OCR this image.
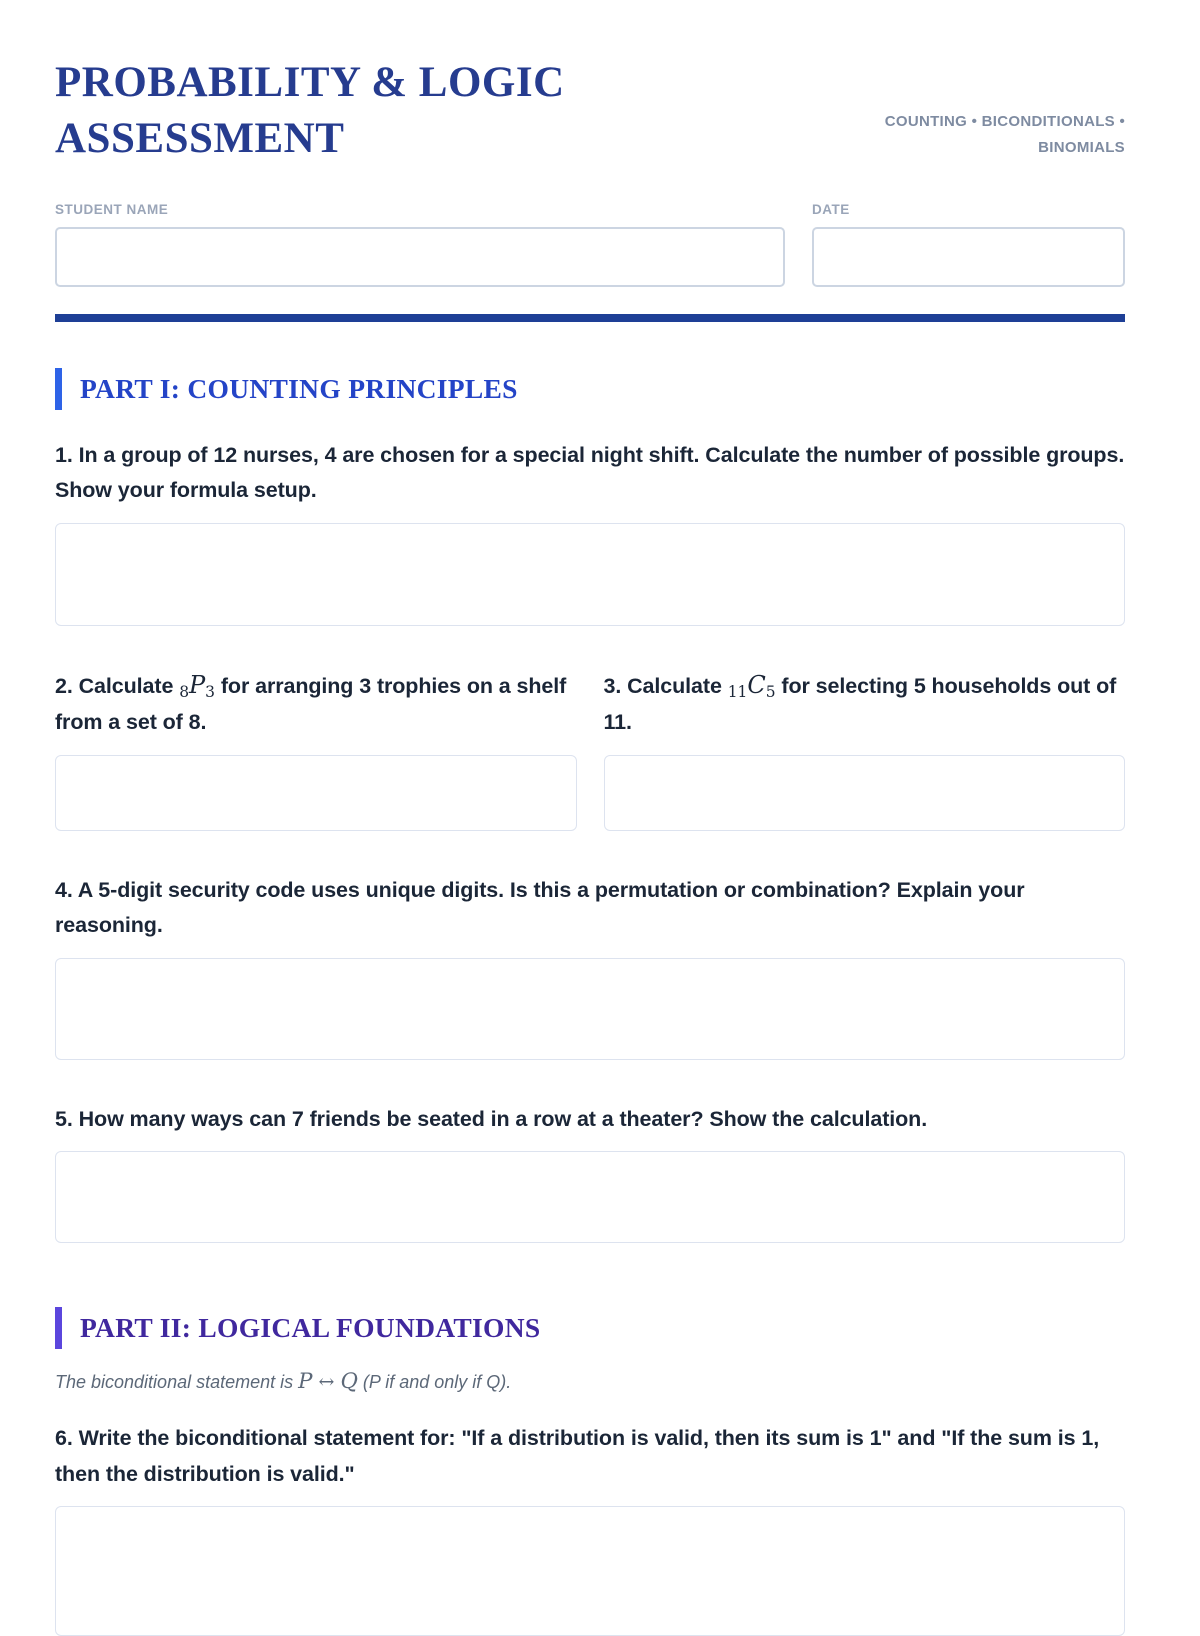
PROBABILITY & LOGIC
ASSESSMENT	COUNTING • BICONDITIONALS •
BINOMIALS
STUDENT NAME	DATE
PART I: COUNTING PRINCIPLES
1. In a group of 12 nurses, 4 are chosen for a special night shift. Calculate the number of possible groups. Show your formula setup.
2. Calculate 8P3 for arranging 3 trophies on a shelf from a set of 8.
3. Calculate 11C5 for selecting 5 households out of 11.
4. A 5-digit security code uses unique digits. Is this a permutation or combination? Explain your reasoning.
5. How many ways can 7 friends be seated in a row at a theater? Show the calculation.
PART II: LOGICAL FOUNDATIONS
The biconditional statement is P ↔ Q (P if and only if Q).
6. Write the biconditional statement for: "If a distribution is valid, then its sum is 1" and "If the sum is 1, then the distribution is valid."
